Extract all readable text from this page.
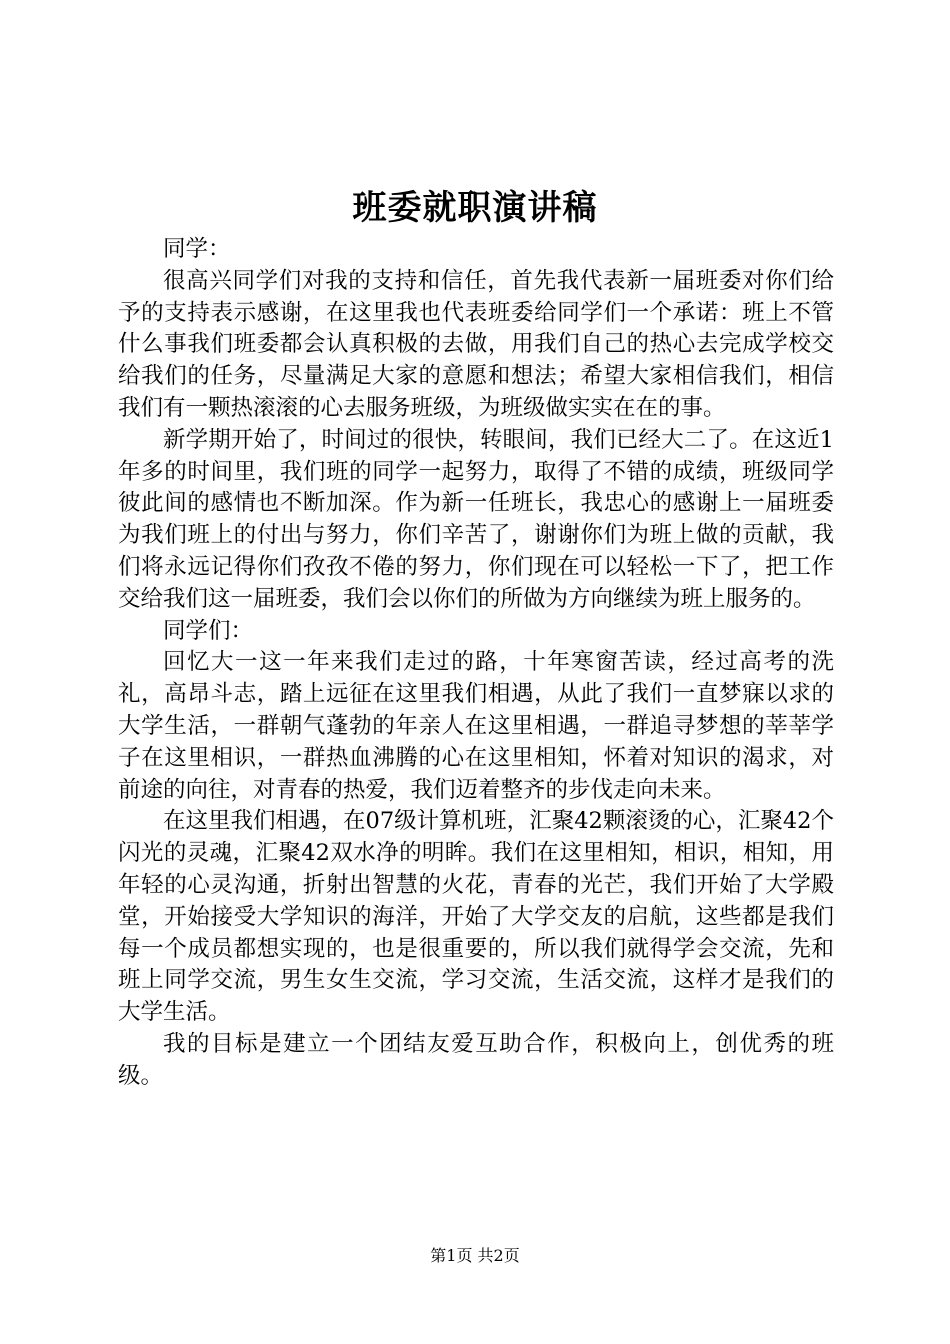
班委就职演讲稿

同学：

很高兴同学们对我的支持和信任，首先我代表新一届班委对你们给予的支持表示感谢，在这里我也代表班委给同学们一个承诺：班上不管什么事我们班委都会认真积极的去做，用我们自己的热心去完成学校交给我们的任务，尽量满足大家的意愿和想法；希望大家相信我们，相信我们有一颗热滚滚的心去服务班级，为班级做实实在在的事。

新学期开始了，时间过的很快，转眼间，我们已经大二了。在这近1年多的时间里，我们班的同学一起努力，取得了不错的成绩，班级同学彼此间的感情也不断加深。作为新一任班长，我忠心的感谢上一届班委为我们班上的付出与努力，你们辛苦了，谢谢你们为班上做的贡献，我们将永远记得你们孜孜不倦的努力，你们现在可以轻松一下了，把工作交给我们这一届班委，我们会以你们的所做为方向继续为班上服务的。

同学们：

回忆大一这一年来我们走过的路，十年寒窗苦读，经过高考的洗礼，高昂斗志，踏上远征在这里我们相遇，从此了我们一直梦寐以求的大学生活，一群朝气蓬勃的年亲人在这里相遇，一群追寻梦想的莘莘学子在这里相识，一群热血沸腾的心在这里相知，怀着对知识的渴求，对前途的向往，对青春的热爱，我们迈着整齐的步伐走向未来。

在这里我们相遇，在07级计算机班，汇聚42颗滚烫的心，汇聚42个闪光的灵魂，汇聚42双水净的明眸。我们在这里相知，相识，相知，用年轻的心灵沟通，折射出智慧的火花，青春的光芒，我们开始了大学殿堂，开始接受大学知识的海洋，开始了大学交友的启航，这些都是我们每一个成员都想实现的，也是很重要的，所以我们就得学会交流，先和班上同学交流，男生女生交流，学习交流，生活交流，这样才是我们的大学生活。

我的目标是建立一个团结友爱互助合作，积极向上，创优秀的班级。

第1页 共2页
